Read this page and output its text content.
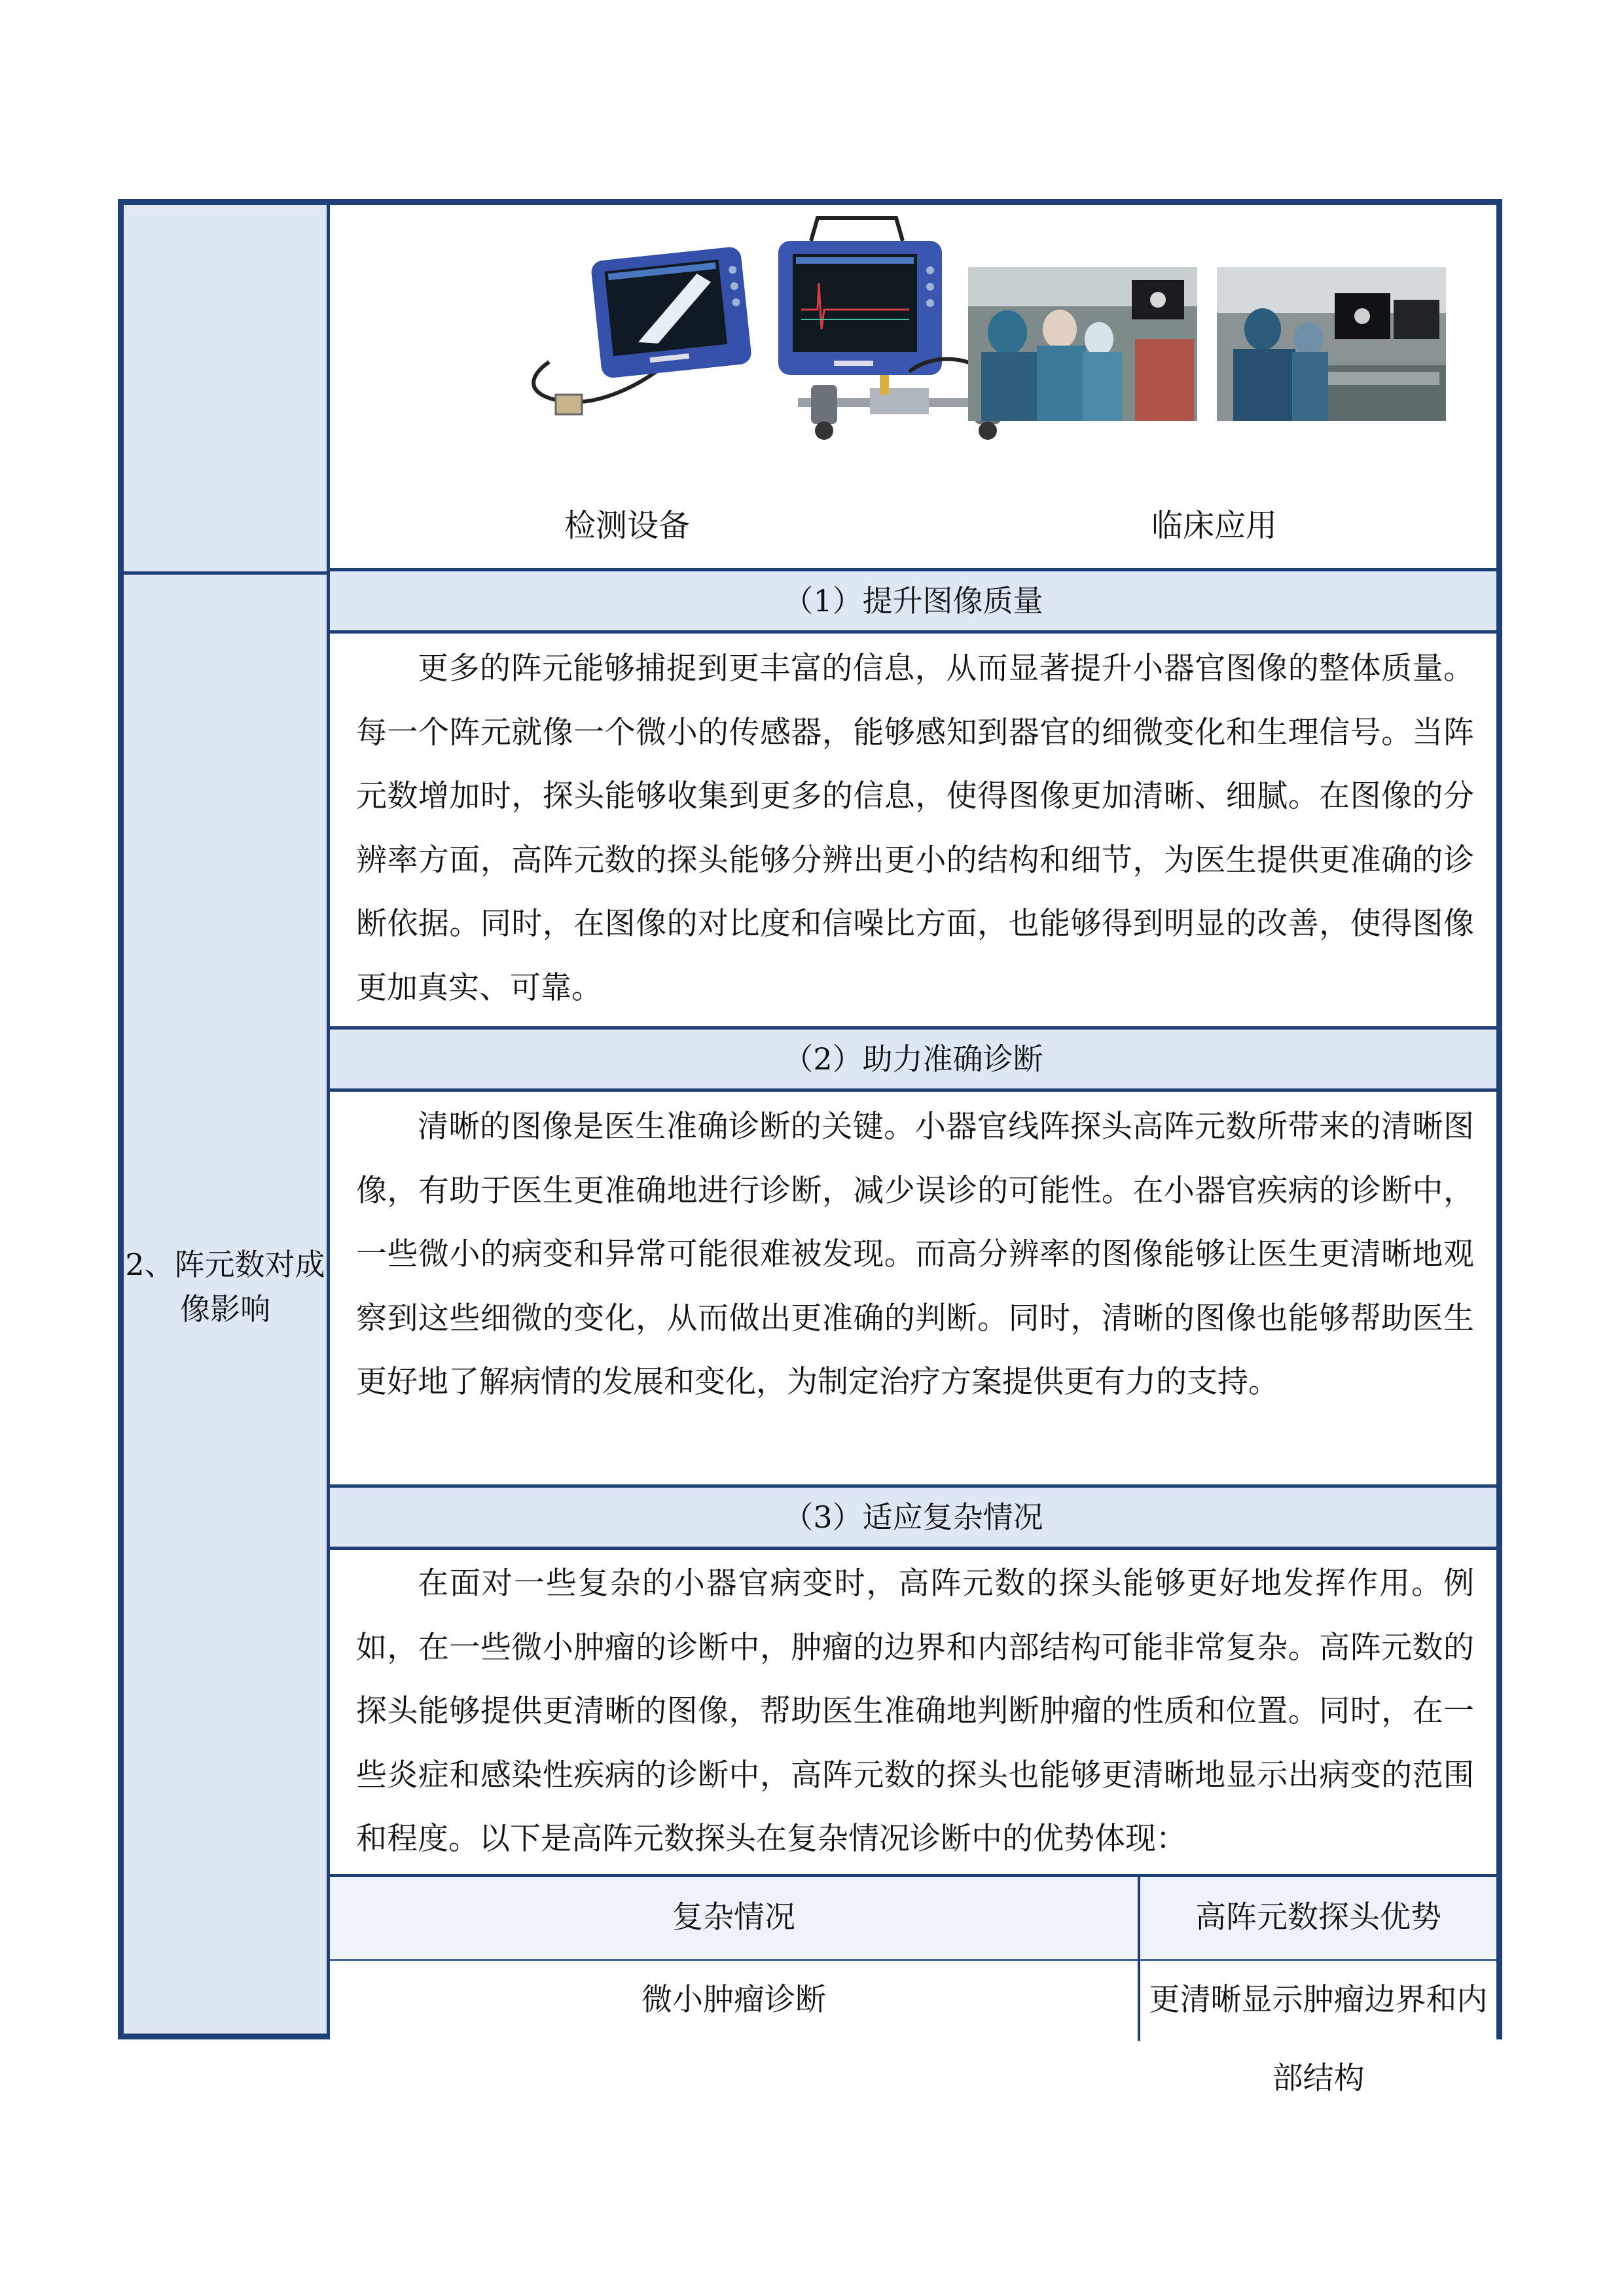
2、阵元数对成像影响
检测设备	临床应用
（1）提升图像质量
更多的阵元能够捕捉到更丰富的信息，从而显著提升小器官图像的整体质量。每一个阵元就像一个微小的传感器，能够感知到器官的细微变化和生理信号。当阵元数增加时，探头能够收集到更多的信息，使得图像更加清晰、细腻。在图像的分辨率方面，高阵元数的探头能够分辨出更小的结构和细节，为医生提供更准确的诊断依据。同时，在图像的对比度和信噪比方面，也能够得到明显的改善，使得图像更加真实、可靠。
（2）助力准确诊断
清晰的图像是医生准确诊断的关键。小器官线阵探头高阵元数所带来的清晰图像，有助于医生更准确地进行诊断，减少误诊的可能性。在小器官疾病的诊断中，一些微小的病变和异常可能很难被发现。而高分辨率的图像能够让医生更清晰地观察到这些细微的变化，从而做出更准确的判断。同时，清晰的图像也能够帮助医生更好地了解病情的发展和变化，为制定治疗方案提供更有力的支持。
（3）适应复杂情况
在面对一些复杂的小器官病变时，高阵元数的探头能够更好地发挥作用。例如，在一些微小肿瘤的诊断中，肿瘤的边界和内部结构可能非常复杂。高阵元数的探头能够提供更清晰的图像，帮助医生准确地判断肿瘤的性质和位置。同时，在一些炎症和感染性疾病的诊断中，高阵元数的探头也能够更清晰地显示出病变的范围和程度。以下是高阵元数探头在复杂情况诊断中的优势体现：
复杂情况	高阵元数探头优势
微小肿瘤诊断	更清晰显示肿瘤边界和内部结构
